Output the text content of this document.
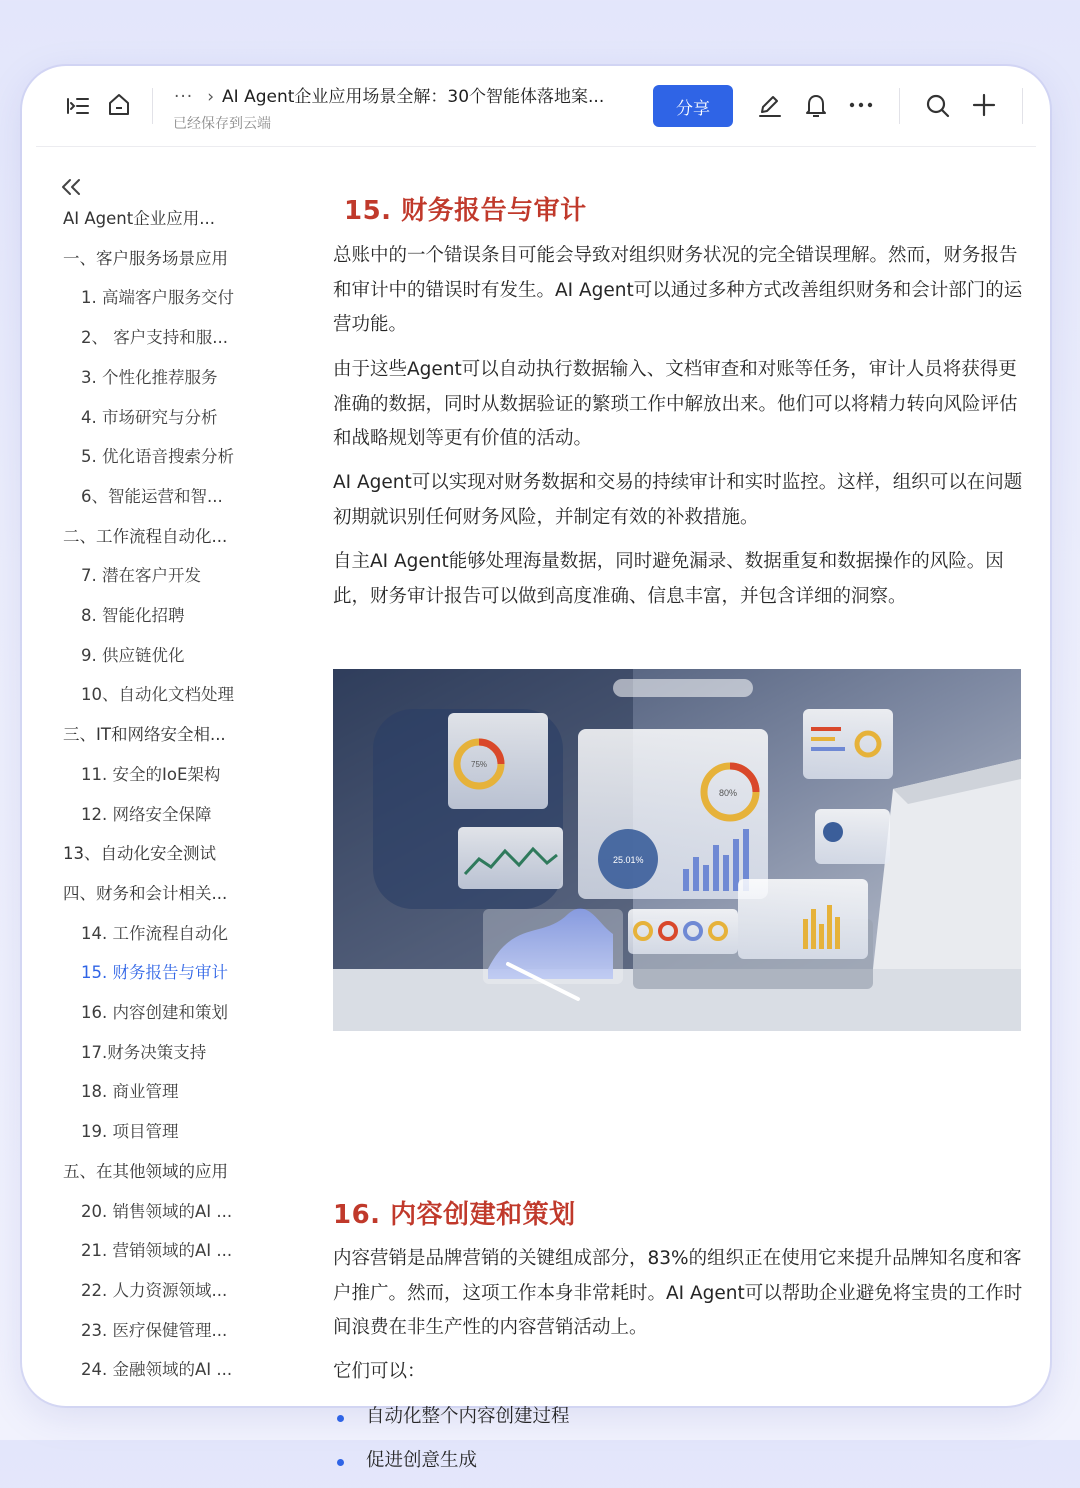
··· › AI Agent企业应用场景全解：30个智能体落地案...
已经保存到云端
分享
AI Agent企业应用...
一、客户服务场景应用
1. 高端客户服务交付
2、 客户支持和服...
3. 个性化推荐服务
4. 市场研究与分析
5. 优化语音搜索分析
6、智能运营和智...
二、工作流程自动化...
7. 潜在客户开发
8. 智能化招聘
9. 供应链优化
10、自动化文档处理
三、IT和网络安全相...
11. 安全的IoE架构
12. 网络安全保障
13、自动化安全测试
四、财务和会计相关...
14. 工作流程自动化
15. 财务报告与审计
16. 内容创建和策划
17.财务决策支持
18. 商业管理
19. 项目管理
五、在其他领域的应用
20. 销售领域的AI ...
21. 营销领域的AI ...
22. 人力资源领域...
23. 医疗保健管理...
24. 金融领域的AI ...
15. 财务报告与审计

总账中的一个错误条目可能会导致对组织财务状况的完全错误理解。然而，财务报告和审计中的错误时有发生。AI Agent可以通过多种方式改善组织财务和会计部门的运营功能。

由于这些Agent可以自动执行数据输入、文档审查和对账等任务，审计人员将获得更准确的数据，同时从数据验证的繁琐工作中解放出来。他们可以将精力转向风险评估和战略规划等更有价值的活动。

AI Agent可以实现对财务数据和交易的持续审计和实时监控。这样，组织可以在问题初期就识别任何财务风险，并制定有效的补救措施。

自主AI Agent能够处理海量数据，同时避免漏录、数据重复和数据操作的风险。因此，财务审计报告可以做到高度准确、信息丰富，并包含详细的洞察。

75%
80%
25.01%
16. 内容创建和策划

内容营销是品牌营销的关键组成部分，83%的组织正在使用它来提升品牌知名度和客户推广。然而，这项工作本身非常耗时。AI Agent可以帮助企业避免将宝贵的工作时间浪费在非生产性的内容营销活动上。

它们可以：

自动化整个内容创建过程
促进创意生成
